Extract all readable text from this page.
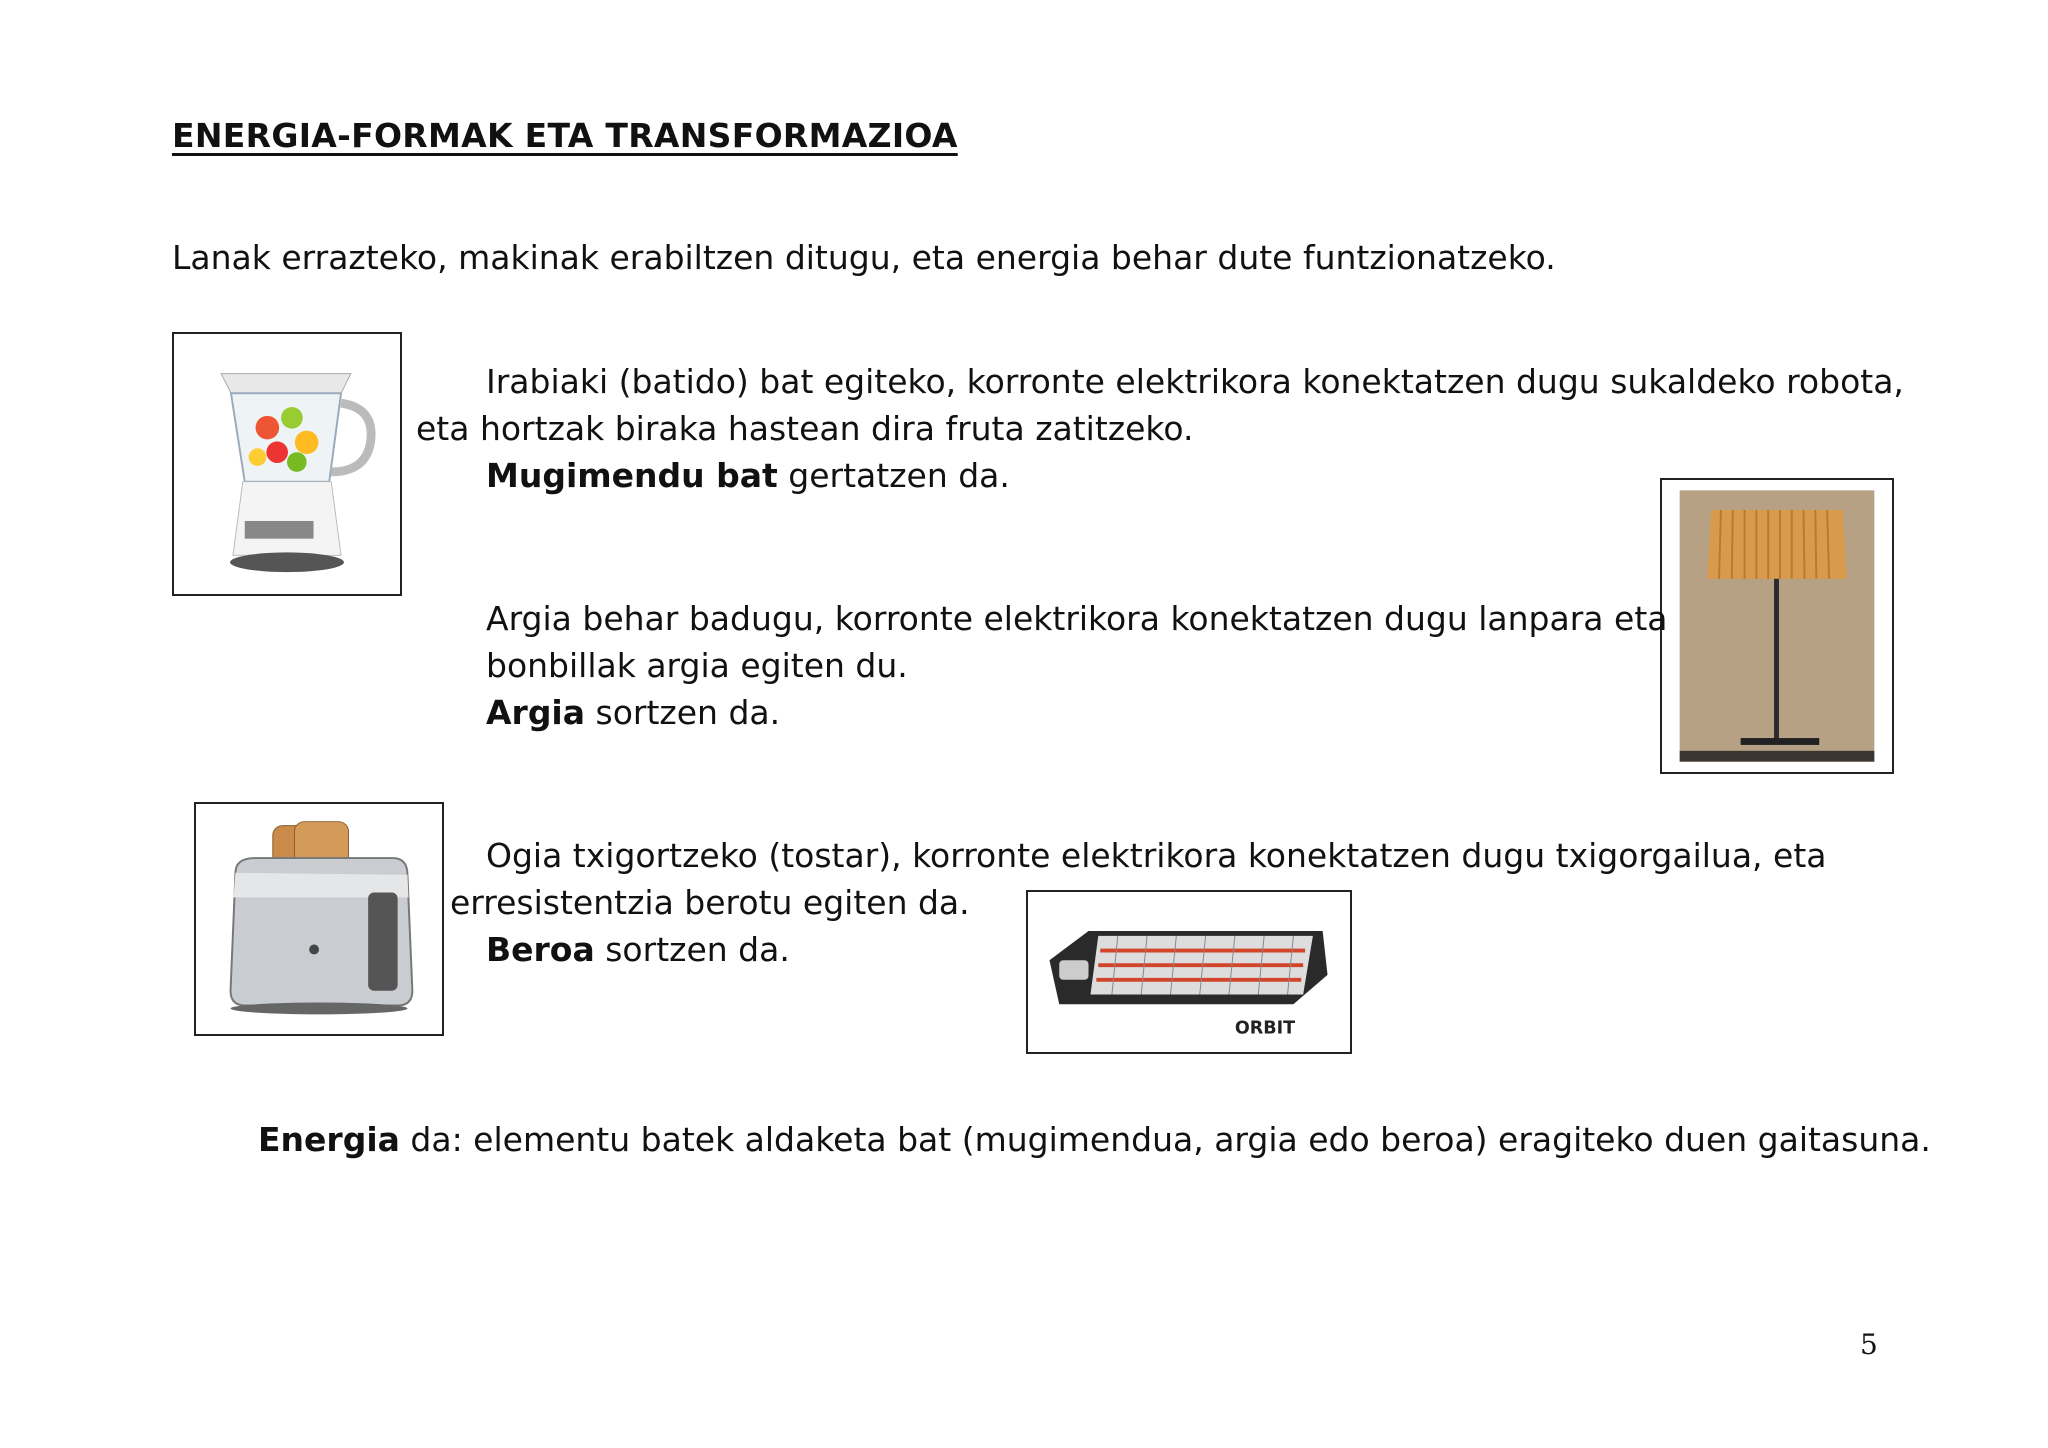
ENERGIA-FORMAK ETA TRANSFORMAZIOA
Lanak errazteko, makinak erabiltzen ditugu, eta energia behar dute funtzionatzeko.
Irabiaki (batido) bat egiteko, korronte elektrikora konektatzen dugu sukaldeko robota,
eta hortzak biraka hastean dira fruta zatitzeko.
Mugimendu bat gertatzen da.
Argia behar badugu, korronte elektrikora konektatzen dugu lanpara eta
bonbillak argia egiten du.
Argia sortzen da.
Ogia txigortzeko (tostar), korronte elektrikora konektatzen dugu txigorgailua, eta
erresistentzia berotu egiten da.
Beroa sortzen da.
ORBIT
Energia da: elementu batek aldaketa bat (mugimendua, argia edo beroa) eragiteko duen gaitasuna.
5
